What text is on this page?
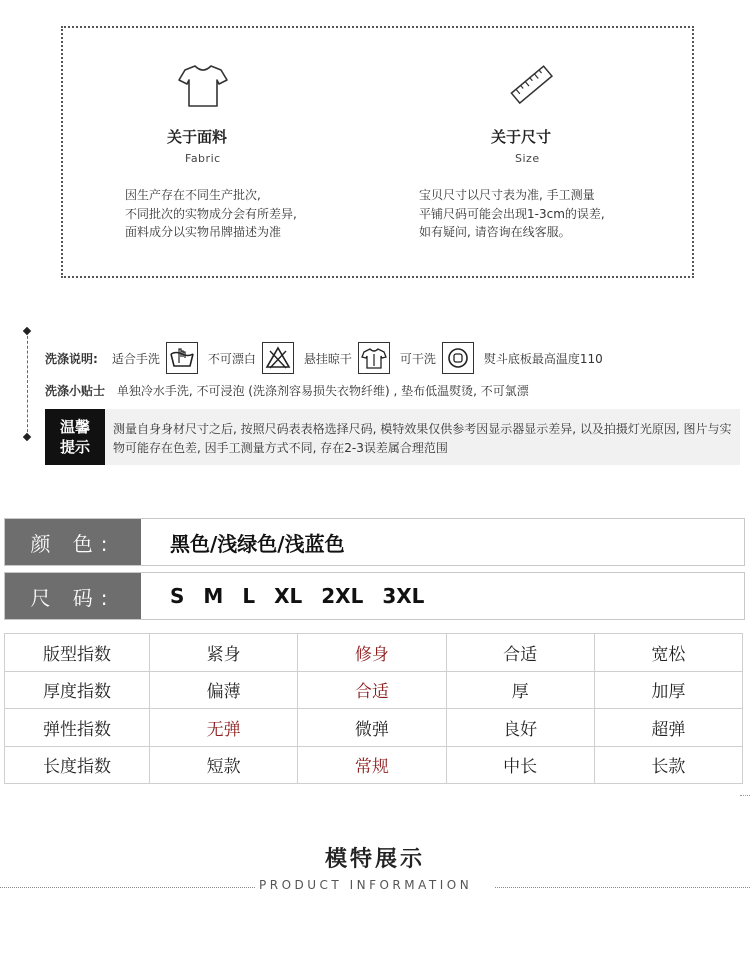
关于面料
Fabric
因生产存在不同生产批次,
不同批次的实物成分会有所差异,
面料成分以实物吊牌描述为准
关于尺寸
Size
宝贝尺寸以尺寸表为准, 手工测量
平铺尺码可能会出现1-3cm的误差,
如有疑问, 请咨询在线客服。
洗涤说明: 适合手洗	不可漂白	悬挂晾干	可干洗	熨斗底板最高温度110
洗涤小贴士 单独冷水手洗, 不可浸泡 (洗涤剂容易损失衣物纤维) , 垫布低温熨烫, 不可氯漂
温馨
提示
测量自身身材尺寸之后, 按照尺码表表格选择尺码, 模特效果仅供参考因显示器显示差异, 以及拍摄灯光原因, 图片与实物可能存在色差, 因手工测量方式不同, 存在2-3误差属合理范围
颜 色:	黑色/浅绿色/浅蓝色
尺 码:	S M L XL 2XL 3XL
版型指数	紧身	修身	合适	宽松
厚度指数	偏薄	合适	厚	加厚
弹性指数	无弹	微弹	良好	超弹
长度指数	短款	常规	中长	长款
模特展示
PRODUCT INFORMATION
